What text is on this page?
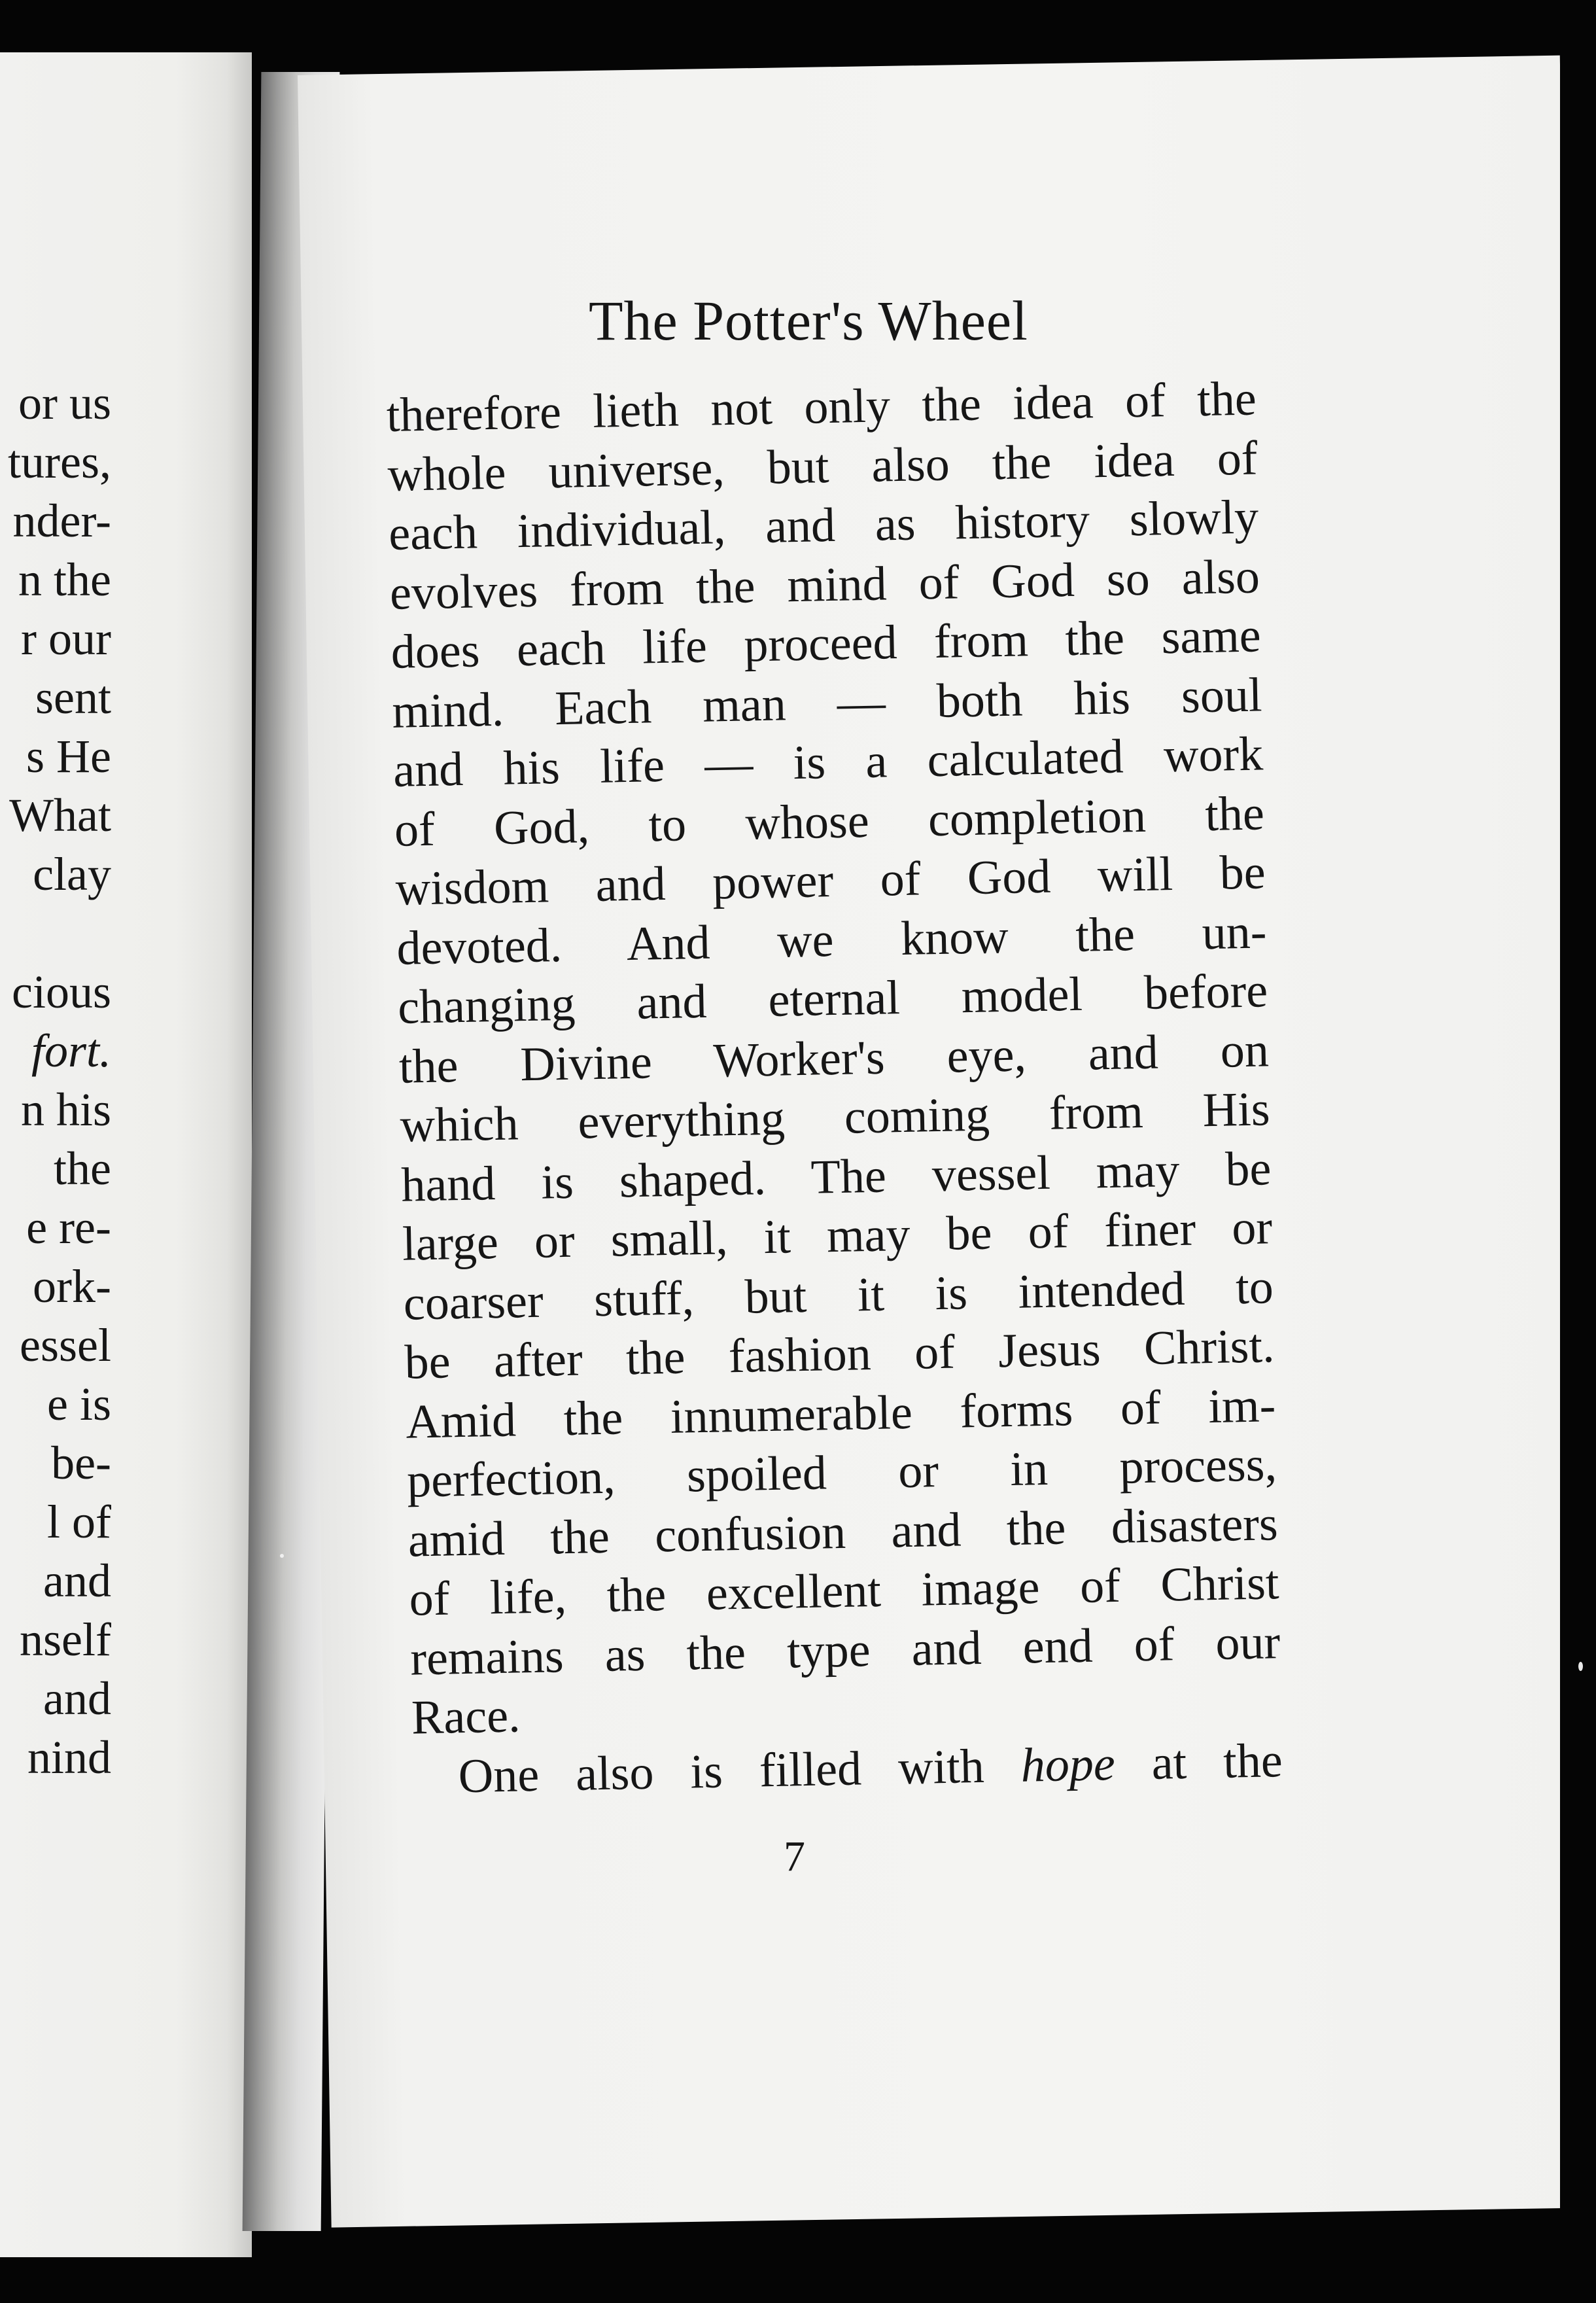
or us
tures,
nder-
n the
r our
sent
s He
What
clay
cious
fort.
n his
the
e re-
ork-
essel
e is
be-
l of
and
nself
and
nind
The Potter's Wheel
therefore lieth not only the idea of the
whole universe, but also the idea of
each individual, and as history slowly
evolves from the mind of God so also
does each life proceed from the same
mind. Each man — both his soul
and his life — is a calculated work
of God, to whose completion the
wisdom and power of God will be
devoted. And we know the un-
changing and eternal model before
the Divine Worker's eye, and on
which everything coming from His
hand is shaped. The vessel may be
large or small, it may be of finer or
coarser stuff, but it is intended to
be after the fashion of Jesus Christ.
Amid the innumerable forms of im-
perfection, spoiled or in process,
amid the confusion and the disasters
of life, the excellent image of Christ
remains as the type and end of our
Race.
One also is filled with hope at the
7
